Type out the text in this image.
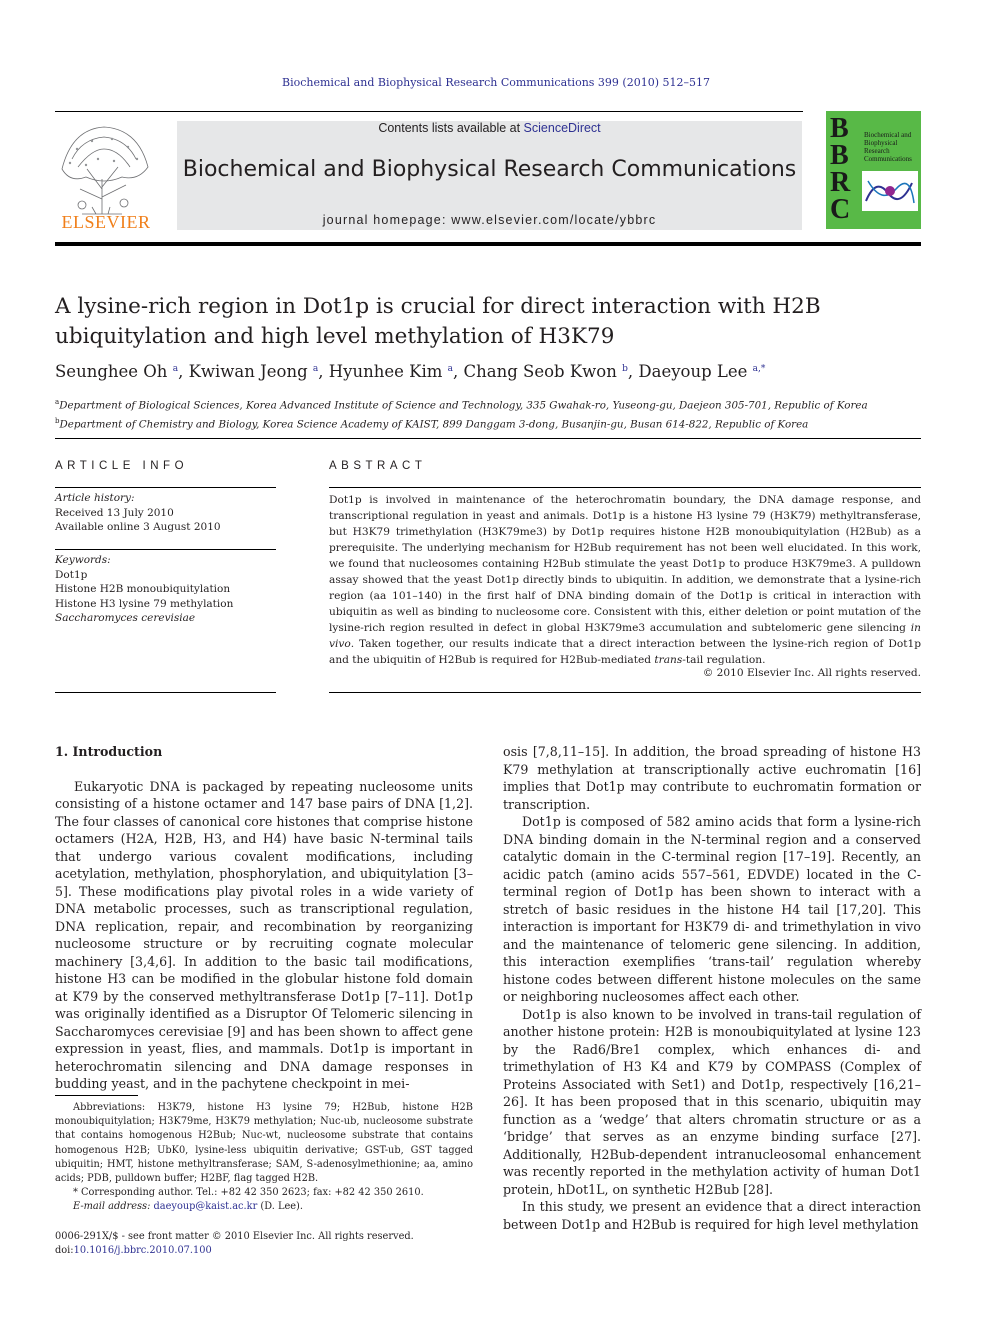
Biochemical and Biophysical Research Communications 399 (2010) 512–517
ELSEVIER
Contents lists available at ScienceDirect
Biochemical and Biophysical Research Communications
journal homepage: www.elsevier.com/locate/ybbrc
B
B
R
C
Biochemical and Biophysical Research Communications
A lysine-rich region in Dot1p is crucial for direct interaction with H2B
ubiquitylation and high level methylation of H3K79
Seunghee Oh $^a$, Kwiwan Jeong $^a$, Hyunhee Kim $^a$, Chang Seob Kwon $^b$, Daeyoup Lee $^{a,*}$
$^a$Department of Biological Sciences, Korea Advanced Institute of Science and Technology, 335 Gwahak-ro, Yuseong-gu, Daejeon 305-701, Republic of Korea
$^b$Department of Chemistry and Biology, Korea Science Academy of KAIST, 899 Danggam 3-dong, Busanjin-gu, Busan 614-822, Republic of Korea
ARTICLE INFO
Article history:
Received 13 July 2010
Available online 3 August 2010
Keywords:
Dot1p
Histone H2B monoubiquitylation
Histone H3 lysine 79 methylation
Saccharomyces cerevisiae
ABSTRACT
Dot1p is involved in maintenance of the heterochromatin boundary, the DNA damage response, and transcriptional regulation in yeast and animals. Dot1p is a histone H3 lysine 79 (H3K79) methyltransferase, but H3K79 trimethylation (H3K79me3) by Dot1p requires histone H2B monoubiquitylation (H2Bub) as a prerequisite. The underlying mechanism for H2Bub requirement has not been well elucidated. In this work, we found that nucleosomes containing H2Bub stimulate the yeast Dot1p to produce H3K79me3. A pulldown assay showed that the yeast Dot1p directly binds to ubiquitin. In addition, we demonstrate that a lysine-rich region (aa 101–140) in the first half of DNA binding domain of the Dot1p is critical in interaction with ubiquitin as well as binding to nucleosome core. Consistent with this, either deletion or point mutation of the lysine-rich region resulted in defect in global H3K79me3 accumulation and subtelomeric gene silencing in vivo. Taken together, our results indicate that a direct interaction between the lysine-rich region of Dot1p and the ubiquitin of H2Bub is required for H2Bub-mediated trans-tail regulation.
© 2010 Elsevier Inc. All rights reserved.
1. Introduction

Eukaryotic DNA is packaged by repeating nucleosome units consisting of a histone octamer and 147 base pairs of DNA [1,2]. The four classes of canonical core histones that comprise histone octamers (H2A, H2B, H3, and H4) have basic N-terminal tails that undergo various covalent modifications, including acetylation, methylation, phosphorylation, and ubiquitylation [3–5]. These modifications play pivotal roles in a wide variety of DNA metabolic processes, such as transcriptional regulation, DNA replication, repair, and recombination by reorganizing nucleosome structure or by recruiting cognate molecular machinery [3,4,6]. In addition to the basic tail modifications, histone H3 can be modified in the globular histone fold domain at K79 by the conserved methyltransferase Dot1p [7–11]. Dot1p was originally identified as a Disruptor Of Telomeric silencing in Saccharomyces cerevisiae [9] and has been shown to affect gene expression in yeast, flies, and mammals. Dot1p is important in heterochromatin silencing and DNA damage responses in budding yeast, and in the pachytene checkpoint in mei-

Abbreviations: H3K79, histone H3 lysine 79; H2Bub, histone H2B monoubiquitylation; H3K79me, H3K79 methylation; Nuc-ub, nucleosome substrate that contains homogenous H2Bub; Nuc-wt, nucleosome substrate that contains homogenous H2B; UbK0, lysine-less ubiquitin derivative; GST-ub, GST tagged ubiquitin; HMT, histone methyltransferase; SAM, S-adenosylmethionine; aa, amino acids; PDB, pulldown buffer; H2BF, flag tagged H2B.

* Corresponding author. Tel.: +82 42 350 2623; fax: +82 42 350 2610.

E-mail address: daeyoup@kaist.ac.kr (D. Lee).

0006-291X/$ - see front matter © 2010 Elsevier Inc. All rights reserved.
doi:10.1016/j.bbrc.2010.07.100

osis [7,8,11–15]. In addition, the broad spreading of histone H3 K79 methylation at transcriptionally active euchromatin [16] implies that Dot1p may contribute to euchromatin formation or transcription.

Dot1p is composed of 582 amino acids that form a lysine-rich DNA binding domain in the N-terminal region and a conserved catalytic domain in the C-terminal region [17–19]. Recently, an acidic patch (amino acids 557–561, EDVDE) located in the C-terminal region of Dot1p has been shown to interact with a stretch of basic residues in the histone H4 tail [17,20]. This interaction is important for H3K79 di- and trimethylation in vivo and the maintenance of telomeric gene silencing. In addition, this interaction exemplifies ‘trans-tail’ regulation whereby histone codes between different histone molecules on the same or neighboring nucleosomes affect each other.

Dot1p is also known to be involved in trans-tail regulation of another histone protein: H2B is monoubiquitylated at lysine 123 by the Rad6/Bre1 complex, which enhances di- and trimethylation of H3 K4 and K79 by COMPASS (Complex of Proteins Associated with Set1) and Dot1p, respectively [16,21–26]. It has been proposed that in this scenario, ubiquitin may function as a ‘wedge’ that alters chromatin structure or as a ‘bridge’ that serves as an enzyme binding surface [27]. Additionally, H2Bub-dependent intranucleosomal enhancement was recently reported in the methylation activity of human Dot1 protein, hDot1L, on synthetic H2Bub [28].

In this study, we present an evidence that a direct interaction between Dot1p and H2Bub is required for high level methylation
